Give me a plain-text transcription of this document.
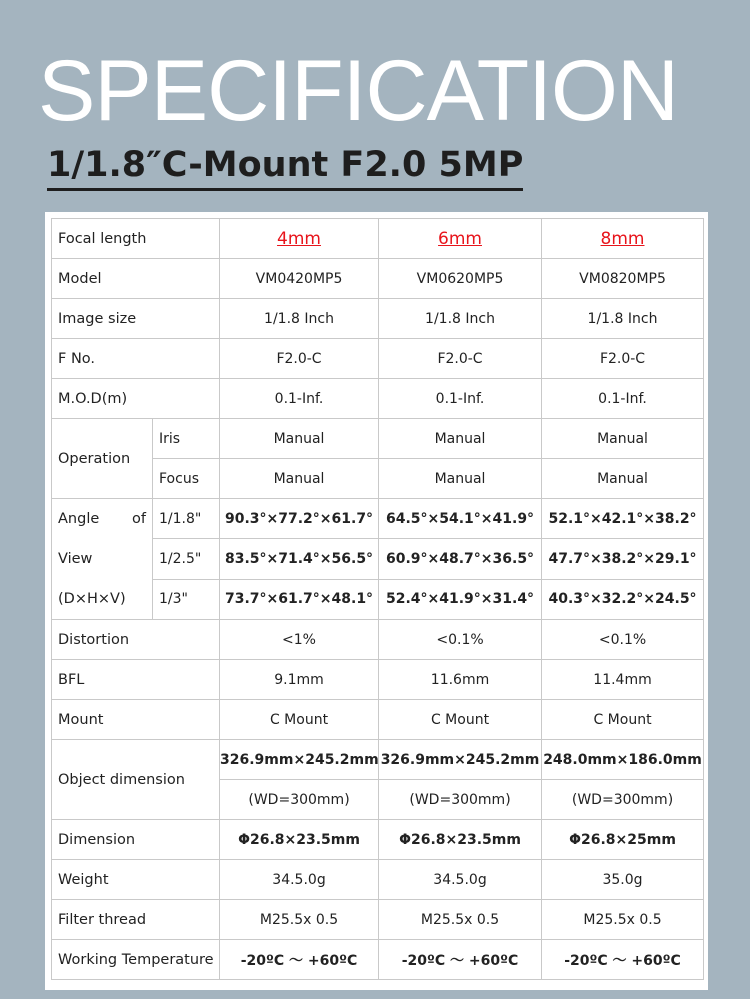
SPECIFICATION
1/1.8″C-Mount F2.0 5MP
Focal length		4mm	6mm	8mm
Model		VM0420MP5	VM0620MP5	VM0820MP5
Image size		1/1.8 Inch	1/1.8 Inch	1/1.8 Inch
F No.		F2.0-C	F2.0-C	F2.0-C
M.O.D(m)		0.1-Inf.	0.1-Inf.	0.1-Inf.
Operation	Iris	Manual	Manual	Manual
	Focus	Manual	Manual	Manual

Angle of
View
(D×H×V)	1/1.8"	90.3°×77.2°×61.7°	64.5°×54.1°×41.9°	52.1°×42.1°×38.2°
	1/2.5"	83.5°×71.4°×56.5°	60.9°×48.7°×36.5°	47.7°×38.2°×29.1°
	1/3"	73.7°×61.7°×48.1°	52.4°×41.9°×31.4°	40.3°×32.2°×24.5°
Distortion		<1%	<0.1%	<0.1%
BFL		9.1mm	11.6mm	11.4mm
Mount		C Mount	C Mount	C Mount
Object dimension		326.9mm×245.2mm	326.9mm×245.2mm	248.0mm×186.0mm
		(WD=300mm)	(WD=300mm)	(WD=300mm)
Dimension		Φ26.8×23.5mm	Φ26.8×23.5mm	Φ26.8×25mm
Weight		34.5.0g	34.5.0g	35.0g
Filter thread		M25.5x 0.5	M25.5x 0.5	M25.5x 0.5
Working Temperature		-20ºC ～ +60ºC	-20ºC ～ +60ºC	-20ºC ～ +60ºC
